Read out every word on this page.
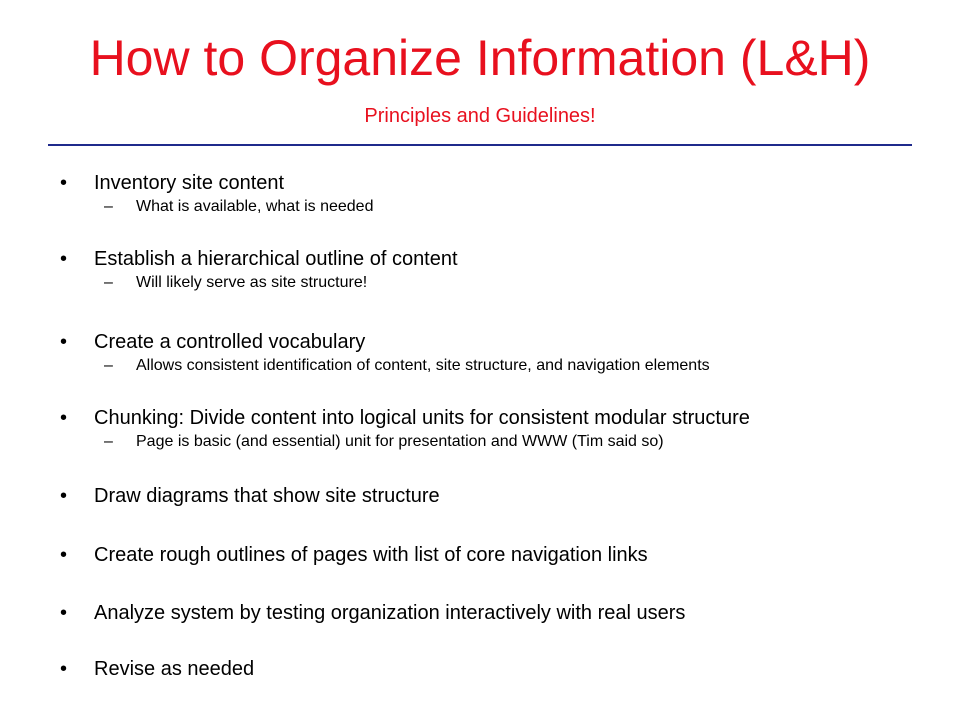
How to Organize Information (L&H)
Principles and Guidelines!
• Inventory site content
– What is available, what is needed
• Establish a hierarchical outline of content
– Will likely serve as site structure!
• Create a controlled vocabulary
– Allows consistent identification of content, site structure, and navigation elements
• Chunking: Divide content into logical units for consistent modular structure
– Page is basic (and essential) unit for presentation and WWW (Tim said so)
• Draw diagrams that show site structure
• Create rough outlines of pages with list of core navigation links
• Analyze system by testing organization interactively with real users
• Revise as needed
